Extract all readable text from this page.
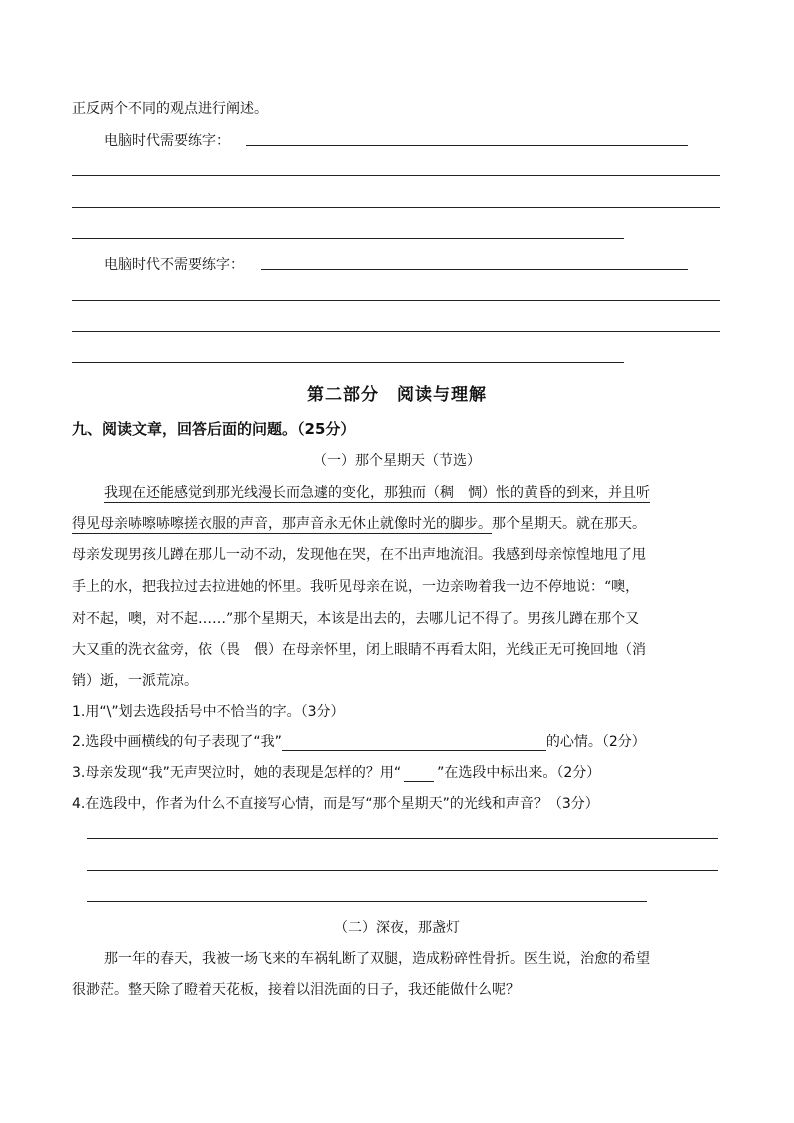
正反两个不同的观点进行阐述。
电脑时代需要练字：
电脑时代不需要练字：
第二部分　阅读与理解
九、阅读文章，回答后面的问题。（25分）
（一）那个星期天（节选）
我现在还能感觉到那光线漫长而急遽的变化，那独而（稠　惆）怅的黄昏的到来，并且听
得见母亲哧嚓哧嚓搓衣服的声音，那声音永无休止就像时光的脚步。那个星期天。就在那天。
母亲发现男孩儿蹲在那儿一动不动，发现他在哭，在不出声地流泪。我感到母亲惊惶地甩了甩
手上的水，把我拉过去拉进她的怀里。我听见母亲在说，一边亲吻着我一边不停地说：“噢，
对不起，噢，对不起……”那个星期天，本该是出去的，去哪儿记不得了。男孩儿蹲在那个又
大又重的洗衣盆旁，依（畏　偎）在母亲怀里，闭上眼睛不再看太阳，光线正无可挽回地（消
销）逝，一派荒凉。
1.用“\”划去选段括号中不恰当的字。（3分）
2.选段中画横线的句子表现了“我”	的心情。（2分）
3.母亲发现“我”无声哭泣时，她的表现是怎样的？用“	”在选段中标出来。（2分）
4.在选段中，作者为什么不直接写心情，而是写“那个星期天”的光线和声音？（3分）
（二）深夜，那盏灯
那一年的春天，我被一场飞来的车祸轧断了双腿，造成粉碎性骨折。医生说，治愈的希望
很渺茫。整天除了瞪着天花板，接着以泪洗面的日子，我还能做什么呢？
